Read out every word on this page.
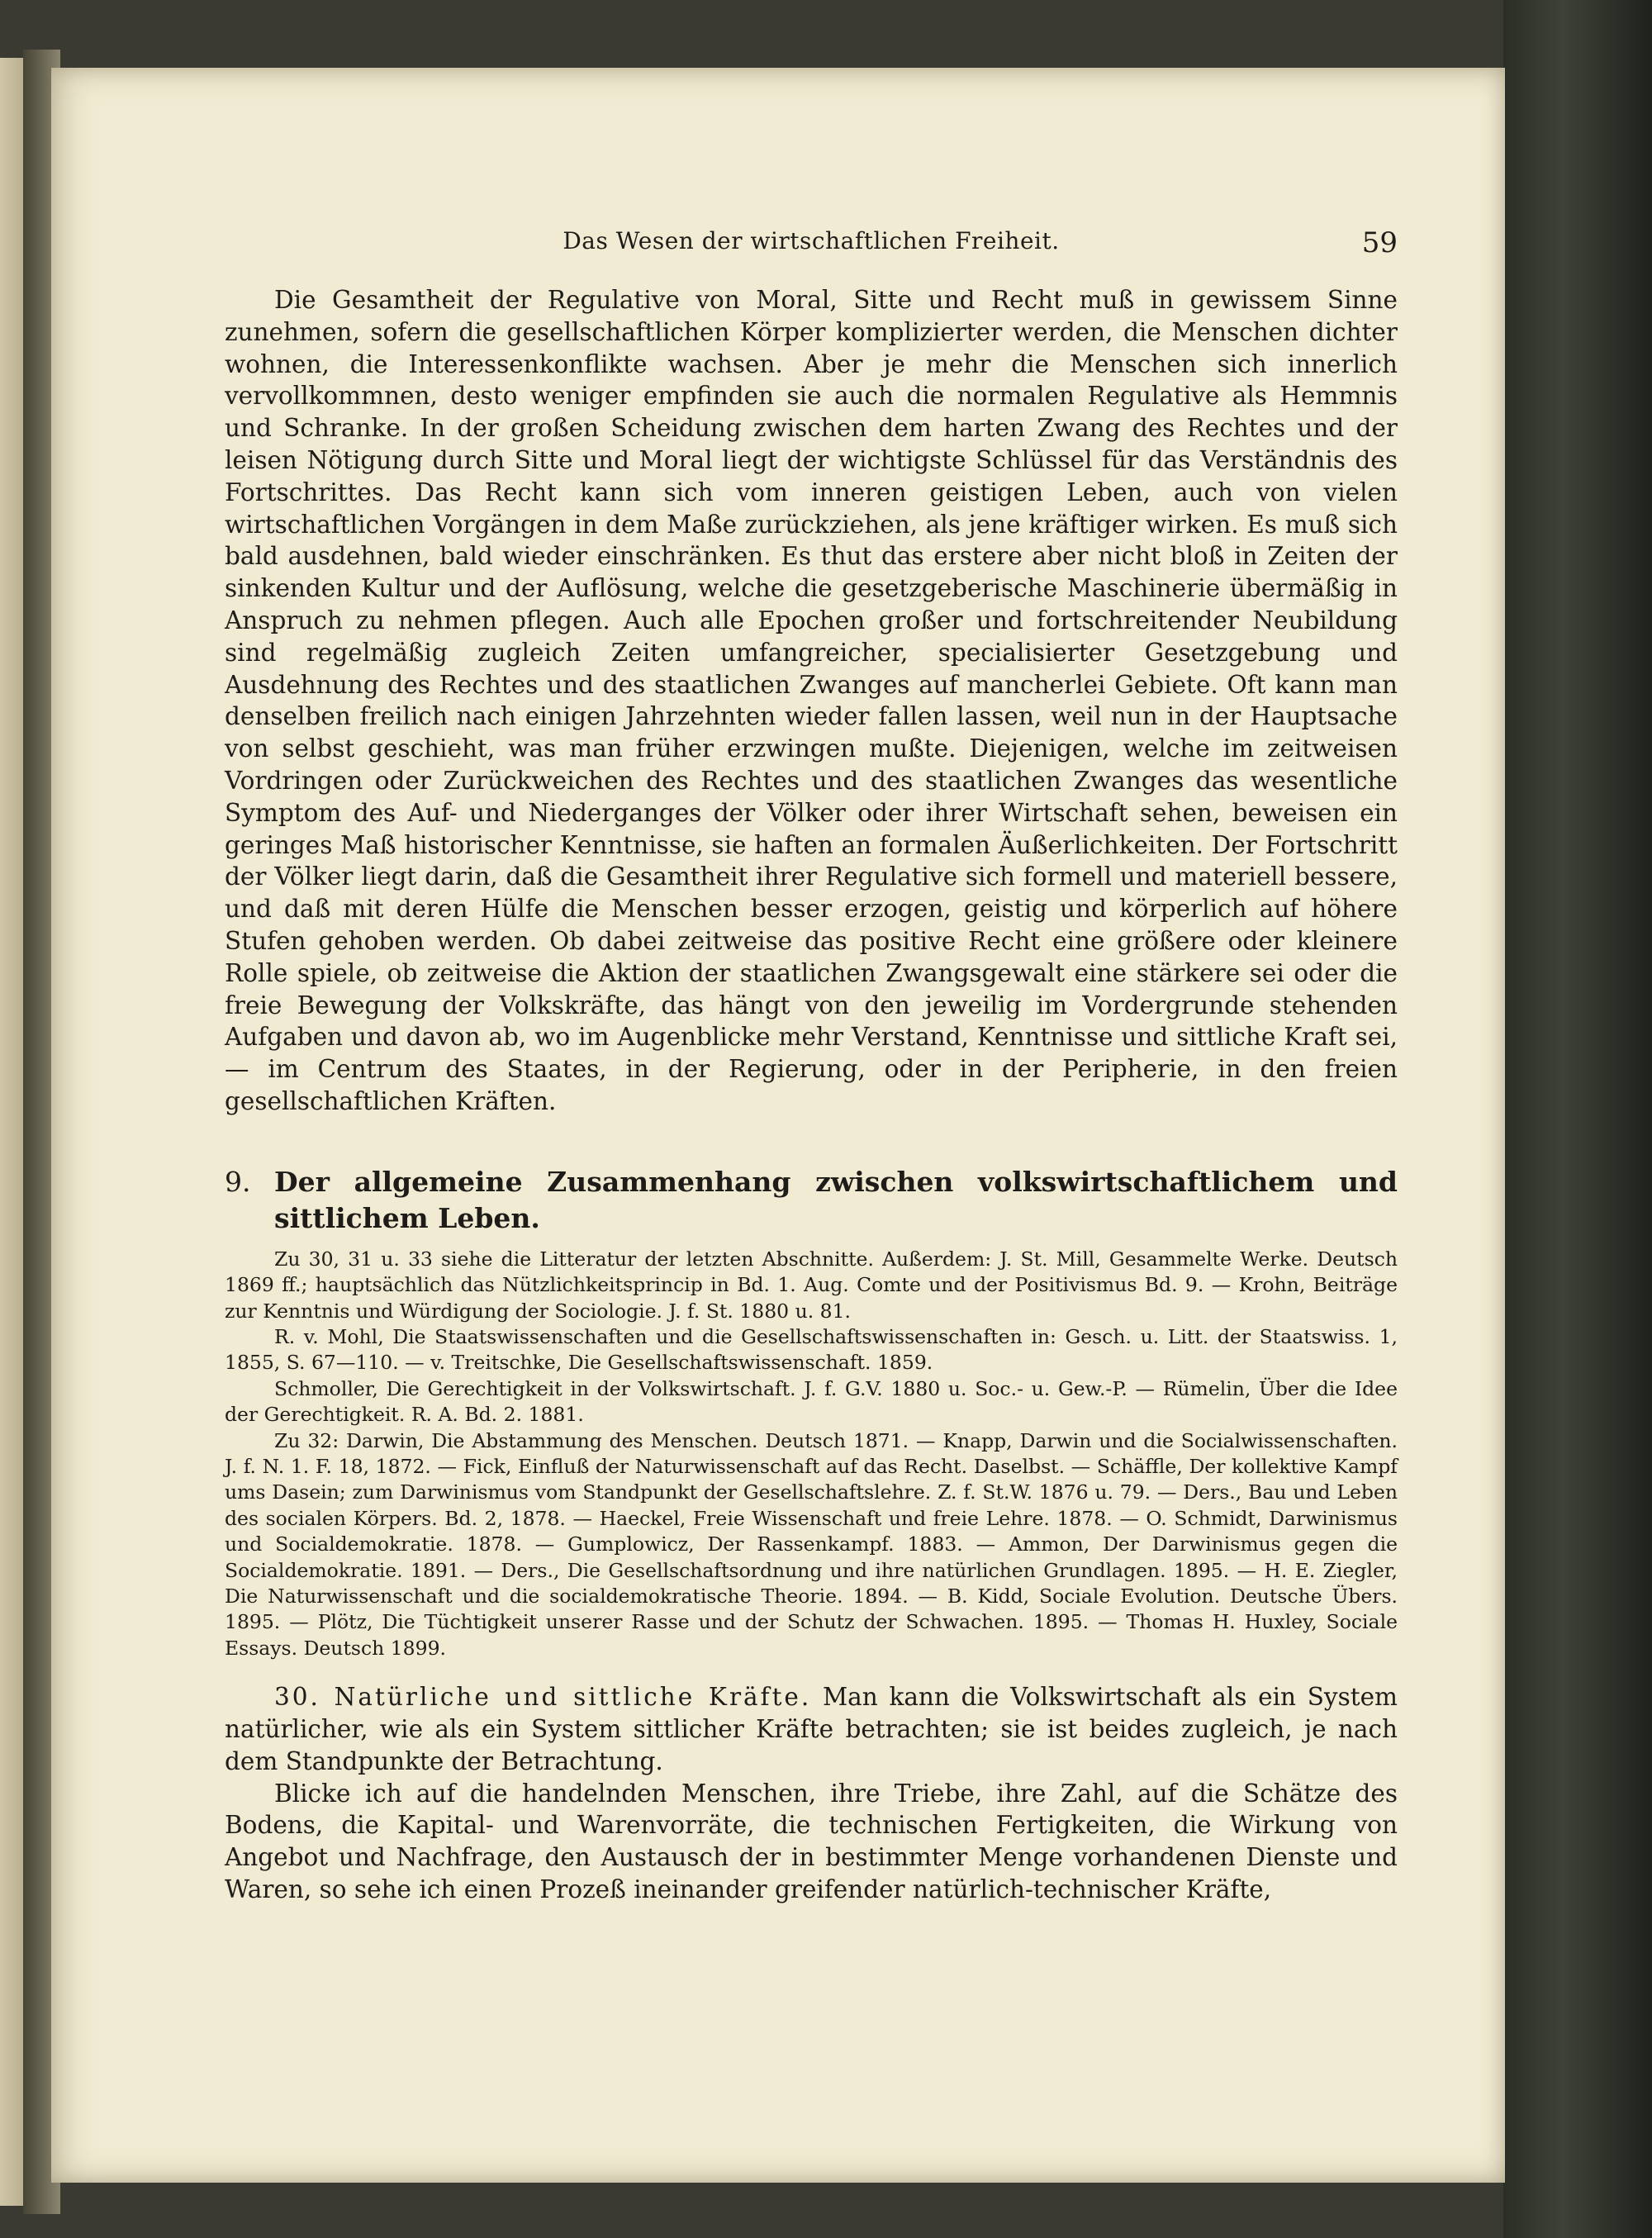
Das Wesen der wirtschaftlichen Freiheit.	59

Die Gesamtheit der Regulative von Moral, Sitte und Recht muß in gewissem Sinne zunehmen, sofern die gesellschaftlichen Körper komplizierter werden, die Menschen dichter wohnen, die Interessenkonflikte wachsen. Aber je mehr die Menschen sich innerlich vervollkommnen, desto weniger empfinden sie auch die normalen Regulative als Hemmnis und Schranke. In der großen Scheidung zwischen dem harten Zwang des Rechtes und der leisen Nötigung durch Sitte und Moral liegt der wichtigste Schlüssel für das Verständnis des Fortschrittes. Das Recht kann sich vom inneren geistigen Leben, auch von vielen wirtschaftlichen Vorgängen in dem Maße zurückziehen, als jene kräftiger wirken. Es muß sich bald ausdehnen, bald wieder einschränken. Es thut das erstere aber nicht bloß in Zeiten der sinkenden Kultur und der Auflösung, welche die gesetzgeberische Maschinerie übermäßig in Anspruch zu nehmen pflegen. Auch alle Epochen großer und fortschreitender Neubildung sind regelmäßig zugleich Zeiten umfangreicher, specialisierter Gesetzgebung und Ausdehnung des Rechtes und des staatlichen Zwanges auf mancherlei Gebiete. Oft kann man denselben freilich nach einigen Jahrzehnten wieder fallen lassen, weil nun in der Hauptsache von selbst geschieht, was man früher erzwingen mußte. Diejenigen, welche im zeitweisen Vordringen oder Zurückweichen des Rechtes und des staatlichen Zwanges das wesentliche Symptom des Auf- und Niederganges der Völker oder ihrer Wirtschaft sehen, beweisen ein geringes Maß historischer Kenntnisse, sie haften an formalen Äußerlichkeiten. Der Fortschritt der Völker liegt darin, daß die Gesamtheit ihrer Regulative sich formell und materiell bessere, und daß mit deren Hülfe die Menschen besser erzogen, geistig und körperlich auf höhere Stufen gehoben werden. Ob dabei zeitweise das positive Recht eine größere oder kleinere Rolle spiele, ob zeitweise die Aktion der staatlichen Zwangsgewalt eine stärkere sei oder die freie Bewegung der Volkskräfte, das hängt von den jeweilig im Vordergrunde stehenden Aufgaben und davon ab, wo im Augenblicke mehr Verstand, Kenntnisse und sittliche Kraft sei, — im Centrum des Staates, in der Regierung, oder in der Peripherie, in den freien gesellschaftlichen Kräften.

9. Der allgemeine Zusammenhang zwischen volkswirtschaftlichem und sittlichem Leben.

Zu 30, 31 u. 33 siehe die Litteratur der letzten Abschnitte. Außerdem: J. St. Mill, Gesammelte Werke. Deutsch 1869 ff.; hauptsächlich das Nützlichkeitsprincip in Bd. 1. Aug. Comte und der Positivismus Bd. 9. — Krohn, Beiträge zur Kenntnis und Würdigung der Sociologie. J. f. St. 1880 u. 81.

R. v. Mohl, Die Staatswissenschaften und die Gesellschaftswissenschaften in: Gesch. u. Litt. der Staatswiss. 1, 1855, S. 67—110. — v. Treitschke, Die Gesellschaftswissenschaft. 1859.

Schmoller, Die Gerechtigkeit in der Volkswirtschaft. J. f. G.V. 1880 u. Soc.- u. Gew.-P. — Rümelin, Über die Idee der Gerechtigkeit. R. A. Bd. 2. 1881.

Zu 32: Darwin, Die Abstammung des Menschen. Deutsch 1871. — Knapp, Darwin und die Socialwissenschaften. J. f. N. 1. F. 18, 1872. — Fick, Einfluß der Naturwissenschaft auf das Recht. Daselbst. — Schäffle, Der kollektive Kampf ums Dasein; zum Darwinismus vom Standpunkt der Gesellschaftslehre. Z. f. St.W. 1876 u. 79. — Ders., Bau und Leben des socialen Körpers. Bd. 2, 1878. — Haeckel, Freie Wissenschaft und freie Lehre. 1878. — O. Schmidt, Darwinismus und Socialdemokratie. 1878. — Gumplowicz, Der Rassenkampf. 1883. — Ammon, Der Darwinismus gegen die Socialdemokratie. 1891. — Ders., Die Gesellschaftsordnung und ihre natürlichen Grundlagen. 1895. — H. E. Ziegler, Die Naturwissenschaft und die socialdemokratische Theorie. 1894. — B. Kidd, Sociale Evolution. Deutsche Übers. 1895. — Plötz, Die Tüchtigkeit unserer Rasse und der Schutz der Schwachen. 1895. — Thomas H. Huxley, Sociale Essays. Deutsch 1899.

30. Natürliche und sittliche Kräfte. Man kann die Volkswirtschaft als ein System natürlicher, wie als ein System sittlicher Kräfte betrachten; sie ist beides zugleich, je nach dem Standpunkte der Betrachtung.

Blicke ich auf die handelnden Menschen, ihre Triebe, ihre Zahl, auf die Schätze des Bodens, die Kapital- und Warenvorräte, die technischen Fertigkeiten, die Wirkung von Angebot und Nachfrage, den Austausch der in bestimmter Menge vorhandenen Dienste und Waren, so sehe ich einen Prozeß ineinander greifender natürlich-technischer Kräfte,
